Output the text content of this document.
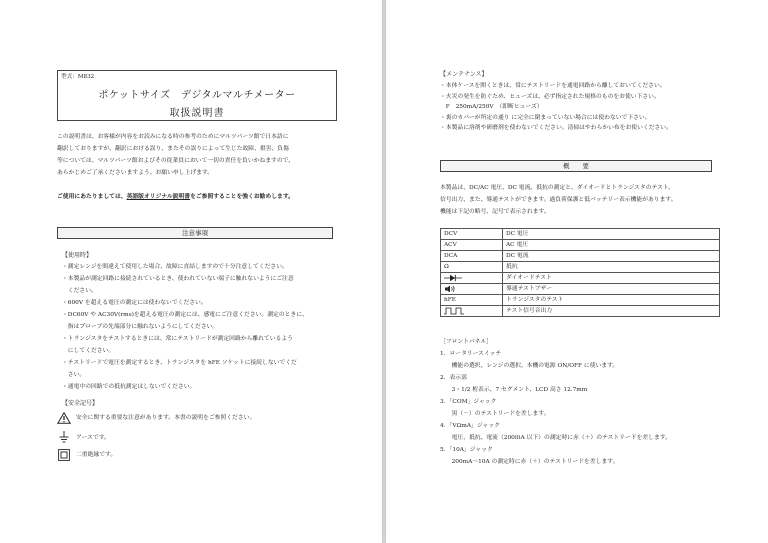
型式：M832
ポケットサイズ　デジタルマルチメーター
取扱説明書
この説明書は、お客様が内容をお読みになる時の参考のためにマルツパーツ館で日本語に
翻訳しておりますが、翻訳における誤り、またその誤りによって生じた故障、損害、負傷
等については、マルツパーツ館およびその従業員において一切の責任を負いかねますので、
あらかじめご了承くださいますよう、お願い申し上げます。
ご使用にあたりましては、英語版オリジナル説明書をご参照することを強くお勧めします。
注意事項
【使用時】
・測定レンジを間違えて使用した場合、故障に直結しますので十分注意してください。
・本製品が測定回路に接続されているとき、使われていない端子に触れないようにご注意
　ください。
・600V を超える電圧の測定には使わないでください。
・DC60V や AC30V(rms)を超える電圧の測定には、感電にご注意ください。測定のときに、
　指はプローブの先端部分に触れないようにしてください。
・トランジスタをテストするときには、常にテストリードが測定回路から離れているよう
　にしてください。
・テストリードで電圧を測定するとき、トランジスタを hFE ソケットに接続しないでくだ
　さい。
・通電中の回路での抵抗測定はしないでください。
【安全記号】
安全に関する重要な注意があります。本書の説明をご参照ください。
アースです。
二重絶縁です。
【メンテナンス】
・本体ケースを開くときは、常にテストリードを通電回路から離しておいてください。
・火災の発生を防ぐため、ヒューズは、必ず指定された規格のものをお使い下さい。
　F　250mA/250V　（即断ヒューズ）
・裏のカバーが所定の通り に完全に閉まっていない場合には使わないで下さい。
・本製品に溶剤や研磨剤を使わないでください。清掃はやわらかい布をお使いください。
概　　要
本製品は、DC/AC 電圧、DC 電流、抵抗の測定と、ダイオードとトランジスタのテスト、
信号出力、また、導通テストができます。過負荷保護と低バッテリー表示機能があります。
機能は下記の略号、記号で表示されます。
DCV	DC 電圧
ACV	AC 電圧
DCA	DC 電流
Ω	抵抗

	ダイオードテスト

	導通テストブザー
hFE	トランジスタのテスト

	テスト信号音出力
［フロントパネル］
1．ロータリースイッチ
　　機能の選択、レンジの選択、本機の電源 ON/OFF に使います。
2．表示部
　　3・1/2 桁表示、7 セグメント、LCD 高さ 12.7mm
3．「COM」ジャック
　　黒（－）のテストリードを差します。
4．「VΩmA」ジャック
　　電圧、抵抗、電流（200ｍA 以下）の測定時に赤（＋）のテストリードを差します。
5．「10A」ジャック
　　200mA～10A の測定時に赤（＋）のテストリードを差します。
